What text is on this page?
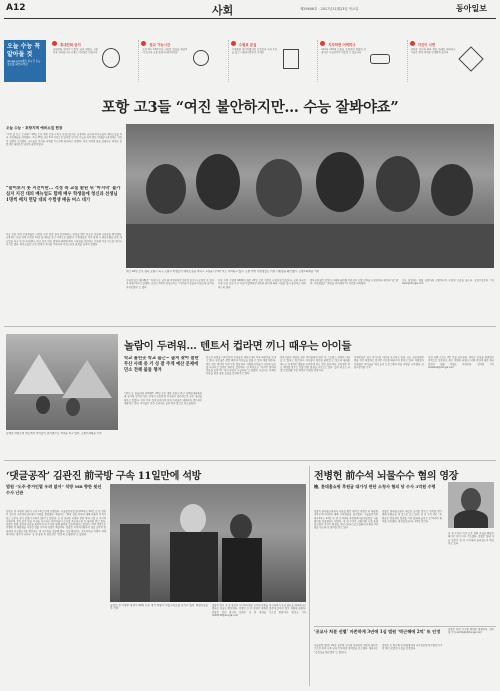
A12	사회	제29646호 · 2017년11월23일 목요일	동아일보
오늘 수능 꼭 알아둘 것
donga.com에서 실시간 수능 정보를 확인하세요
휴대전화 금지
휴대전화 전자기기 반입 금지 적발시 시험 무효 처리됩니다 시계도 디지털은 안됩니다
등교 가능시간
오전 8시 10분까지 시험장 입실을 완료해야 합니다 교통 혼잡에 대비하세요
수험표 분실
수험표를 잃어버렸다면 신분증과 사진 1장을 들고 시험관리본부로 가세요
지각하면 어떡하나
112나 119에 도움을 요청하면 경찰차 순찰차로 시험장까지 이동할 수 있습니다
지진이 나면
감독관 지시에 따라 책상 아래로 대피하고 시험은 재개 여부를 안내받게 됩니다
포항 고3들 “여진 불안하지만… 수능 잘봐야죠”
오늘 수능 - 포항지역 예비소집 현장
“수험 잘 보고 오너라!” 22일 오후 경북 포항시 북구 포항고등학교 교정에서 교사와 학부모들이 예비소집을 마친 수험생들을 격려했다. 지난 15일 규모 5.4 지진으로 일주일 연기된 수능을 하루 앞둔 학생들의 표정에는 긴장과 설렘이 교차했다. 교사들은 아이들 어깨를 두드리며 힘내라고 말했다. 여진 걱정에 잠을 설쳤다는 학생도 있었지만 대부분은 담담한 표정이었다.
“들어보지 못 지진이란… 걱정 속 교실 환된 뒤 ‘마지막’ 불가 심지 지진 대피 매뉴얼도 함께 배우 학생들에 청신과 선생님 1명씩 배치 면담 대피 수험생 배움 버스 대기
이날 포항 지역 수험생들은 시험장 사전 점검 결과 안전하다는 판정을 받은 학교로 이동해 시험장을 확인했다. 교육부는 포항 지역 시험장 12곳 중 4곳을 인근 지역으로 옮겼다. 수험생들은 지진 발생 시 행동요령을 담은 매뉴얼을 다시 한 번 숙지했다. 학교 측은 여진 발생에 대비해 예비 시험장을 마련하고 수험생 이송 버스를 대기시키기로 했다. 학부모들은 교문 앞에서 자녀를 기다리며 걱정스러운 표정을 감추지 못했다.
지난 22일 오후 경북 포항시 북구 포항고 학생들이 예비소집을 마치고 교정을 나서며 서로 격려하고 있다. 포항 지역 수험생들은 이날 시험장을 확인했다. 포항=최혁중 기자
수험생 임모 양(18)은 “지진이 또 날까 봐 걱정되지만 일주일 동안 더 공부할 수 있어서 다행”이라고 말했다. 포항고 3학년 담임교사는 “아이들이 흔들리지 않도록 끝까지 지켜보겠다”고 했다.
포항 지역 수험생 6000여 명은 23일 오전 지정된 시험장에 입실한다. 교육 당국은 시험 도중 규모가 큰 여진이 발생하면 감독관 판단에 따라 시험을 일시 중단하고 대피하도록 했다.
경북교육청은 만일의 사태에 대비해 의료진과 소방 인력을 시험장마다 배치하기로 했다. 수험생들은 “최선을 다하겠다”며 서로를 격려했다.
수능 당일에는 경찰 순찰차와 모범택시가 수험생 수송을 돕는다. 포항=김동혁 기자 hack@donga.com
흥해초 대피소의 텐트에서 아이들이 컵라면으로 저녁을 먹고 있다. 포항=최혁중 기자
놀람이 두려워… 텐트서 컵라면 끼니 때우는 아이들
학교 몰린곳 학교 출근~ 출처 찾아 놀란 무산 사례 중 거 성 잘 주게 예산 문제에 민소 전해 불들 챙겨
“엄마, 또 흔들리면 어떡해?” 22일 오후 경북 포항시 북구 흥해실내체육관 옆 공터에 설치된 텐트 안에서 초등학생 아이들이 컵라면으로 늦은 점심을 때우고 있었다. 지진 이후 집에 돌아가지 못한 가족들은 체육관과 텐트에서 생활하고 있다. 아이들은 작은 소리에도 놀라 엄마 품으로 파고들었다.
학교가 휴업을 이어가면서 아이들은 대피소에서 하루 대부분을 보내고 있다. 부모들은 생업 때문에 아이들을 돌볼 수 없어 애를 태운다. 텐트 안은 밤이면 기온이 뚝 떨어진다. 자원봉사자들이 난로와 담요를 나눠주고 있지만 부족한 실정이다. 한 학부모는 “아이가 밤마다 악몽을 꾼다”며 “심리 상담이 시급하다”고 말했다. 포항시는 이재민 아동을 위한 돌봄 교실을 운영하기로 했다.
전문가들은 재난을 겪은 아이들에게 외상 후 스트레스 장애가 나타날 수 있다고 경고한다. 아이들이 불안을 표현할 수 있도록 대화를 나누고 규칙적인 생활을 유지하게 하는 것이 중요하다. 교육청은 학교 재개를 앞두고 건물 안전 점검을 서두르고 있다. 일부 학교는 균열이 발견돼 수업 재개가 미뤄질 전망이다.
이재민들은 임시 주거시설 마련을 요구하고 있다. 시는 공공임대주택을 우선 배정하고 있지만 수요를 따라가지 못하고 있다. 자원봉사단체들은 아이들을 위한 놀이 프로그램과 학습 지원을 시작했다. 포항=권기범 기자
지진 피해 신고는 2만 건을 넘어섰다. 정부는 포항을 특별재난지역으로 선포하고 복구 지원에 나섰다. 피해 주민에 대한 세금 감면과 대출 지원도 이뤄진다. 김하경 기자 whatsup@donga.com
‘댓글공작’ 김관진 前국방 구속 11일만에 석방
법원 “도주·증거인멸 우려 없어” 석방 MB 향한 윗선 수사 난관
김관진 전 국방부 장관이 구속 11일 만에 석방됐다. 서울중앙지법 형사51부는 22일 김 전 장관이 청구한 구속적부심사에서 석방을 결정했다. 재판부는 “범죄 성립 여부에 대해 다툼의 여지가 있고 도주나 증거 인멸의 우려가 없다”고 밝혔다. 김 전 장관은 국방부 장관 재직 시절 군 사이버사령부에 정치 관여 댓글 작성을 지시하고 관련자들의 조사를 축소하도록 한 혐의를 받고 있다. 검찰은 법원 결정에 유감을 표하며 보강 수사를 통해 혐의를 입증하겠다고 밝혔다. 이번 석방으로 이명박 전 대통령을 겨냥한 검찰 수사에 차질이 예상된다. 검찰은 사이버사령부의 댓글 공작이 청와대에 보고됐는지를 확인하는 데 수사력을 집중해 왔다. 법조계에서는 구속적부심 석방이 이례적이라는 평가가 나온다. 김 전 장관 측 변호인은 “충분히 소명했다”고 말했다.
김관진 전 국방부 장관이 22일 오후 경기 의왕시 서울구치소를 나서고 있다. 의왕=김동주 기자
검찰은 앞서 김 전 장관이 사이버사령부 군무원 증원을 지시하면서 호남 출신을 배제하라고 했다는 진술도 확보했다. 석방된 김 전 장관은 취재진 질문에 답하지 않고 차량에 올랐다. 검찰은 향후 불구속 상태로 김 전 장관을 기소할 방침이다. 황성호 기자 hsh0330@donga.com
전병헌 前수석 뇌물수수 혐의 영장
檢, 롯데홈쇼핑 후원금 대가성 판단 소청사 혐의 당 수사 3억원 수령
검찰이 롯데홈쇼핑에서 뇌물을 받은 혐의로 전병헌 전 대통령정무수석비서관에 대해 구속영장을 청구했다. 서울중앙지검 특수2부는 22일 전 전 수석에게 특정범죄가중처벌법상 뇌물 혐의를 적용했다고 밝혔다. 전 전 수석은 국회의원 시절 롯데홈쇼핑이 자신이 회장을 지낸 한국e스포츠협회에 후원금 3억 원을 내도록 한 혐의를 받고 있다.
검찰은 롯데홈쇼핑이 재승인 심사를 앞두고 편의를 받기 위해 후원금을 낸 것으로 보고 있다. 전 전 수석 측은 “후원금은 정상적인 절차를 거쳐 협회에 들어간 것”이라며 혐의를 부인했다. 영장실질심사는 24일 열린다.
전 전 수석의 비서 등은 협회 자금을 빼돌린 혐의로 이미 구속 기소됐다. 검찰은 협회 자금 일부가 전 전 수석에게 흘러갔는지 확인하고 있다.
‘공교사 처분 선별’ 자존하게 3년에 1심 법원 ‘박근혜에 2억’ 또 인정
서울중앙지법은 22일 공무원 인사에 부당하게 개입한 혐의로 기소된 전직 교육 당국 간부에게 징역형을 선고했다. 재판부는 “공정성을 훼손했다”고 밝혔다.
법원은 또 박근혜 전 대통령에게 국가정보원 특수활동비 2억 원이 전달된 사실을 인정했다.
검찰은 관련 수사를 확대할 방침이다. 전주영 기자 aimhigh@donga.com
